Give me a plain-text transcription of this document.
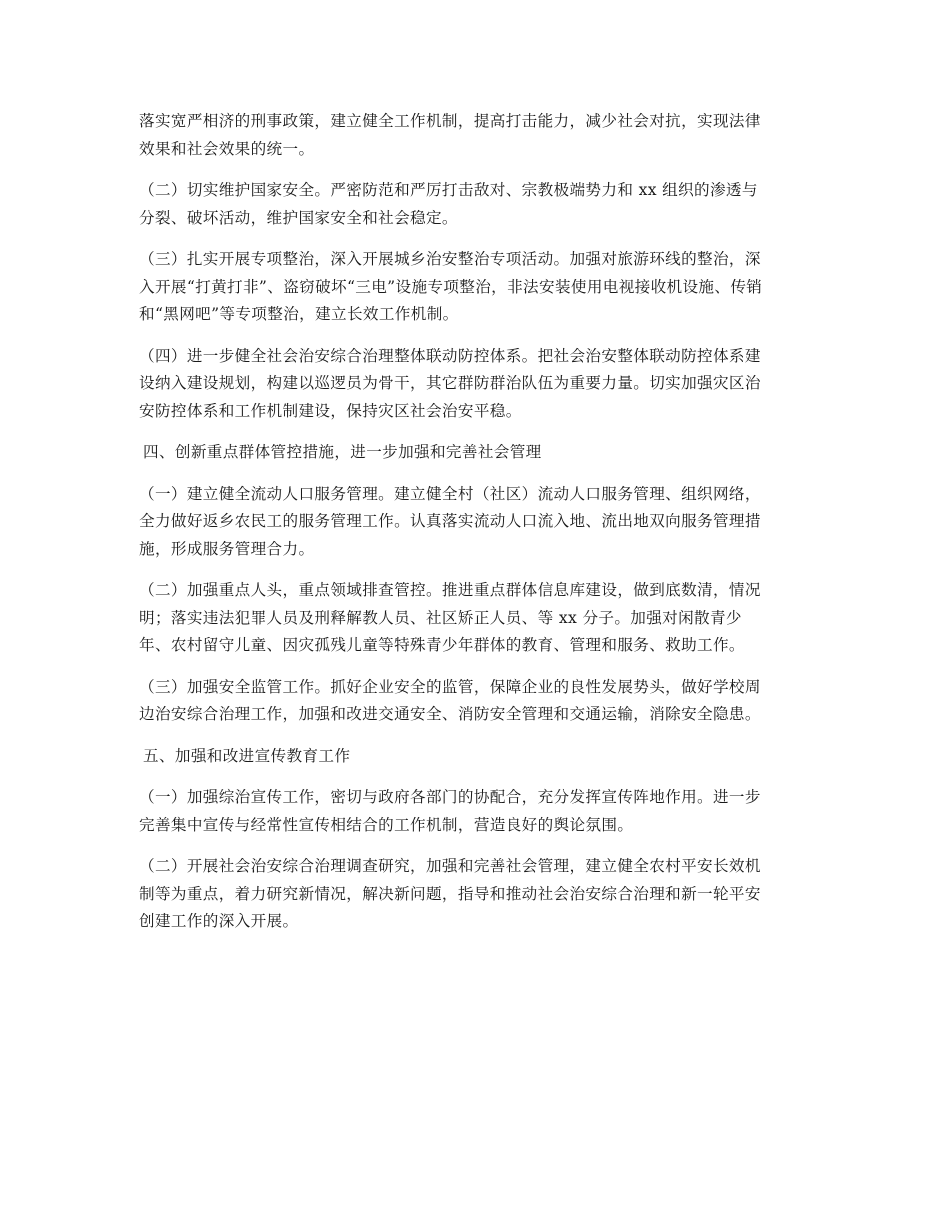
落实宽严相济的刑事政策，建立健全工作机制，提高打击能力，减少社会对抗，实现法律
效果和社会效果的统一。

（二）切实维护国家安全。严密防范和严厉打击敌对、宗教极端势力和 xx 组织的渗透与
分裂、破坏活动，维护国家安全和社会稳定。

（三）扎实开展专项整治，深入开展城乡治安整治专项活动。加强对旅游环线的整治，深
入开展“打黄打非”、盗窃破坏“三电”设施专项整治，非法安装使用电视接收机设施、传销
和“黑网吧”等专项整治，建立长效工作机制。

（四）进一步健全社会治安综合治理整体联动防控体系。把社会治安整体联动防控体系建
设纳入建设规划，构建以巡逻员为骨干，其它群防群治队伍为重要力量。切实加强灾区治
安防控体系和工作机制建设，保持灾区社会治安平稳。

四、创新重点群体管控措施，进一步加强和完善社会管理

（一）建立健全流动人口服务管理。建立健全村（社区）流动人口服务管理、组织网络，
全力做好返乡农民工的服务管理工作。认真落实流动人口流入地、流出地双向服务管理措
施，形成服务管理合力。

（二）加强重点人头，重点领域排查管控。推进重点群体信息库建设，做到底数清，情况
明；落实违法犯罪人员及刑释解教人员、社区矫正人员、等 xx 分子。加强对闲散青少
年、农村留守儿童、因灾孤残儿童等特殊青少年群体的教育、管理和服务、救助工作。

（三）加强安全监管工作。抓好企业安全的监管，保障企业的良性发展势头，做好学校周
边治安综合治理工作，加强和改进交通安全、消防安全管理和交通运输，消除安全隐患。

五、加强和改进宣传教育工作

（一）加强综治宣传工作，密切与政府各部门的协配合，充分发挥宣传阵地作用。进一步
完善集中宣传与经常性宣传相结合的工作机制，营造良好的舆论氛围。

（二）开展社会治安综合治理调查研究，加强和完善社会管理，建立健全农村平安长效机
制等为重点，着力研究新情况，解决新问题，指导和推动社会治安综合治理和新一轮平安
创建工作的深入开展。
